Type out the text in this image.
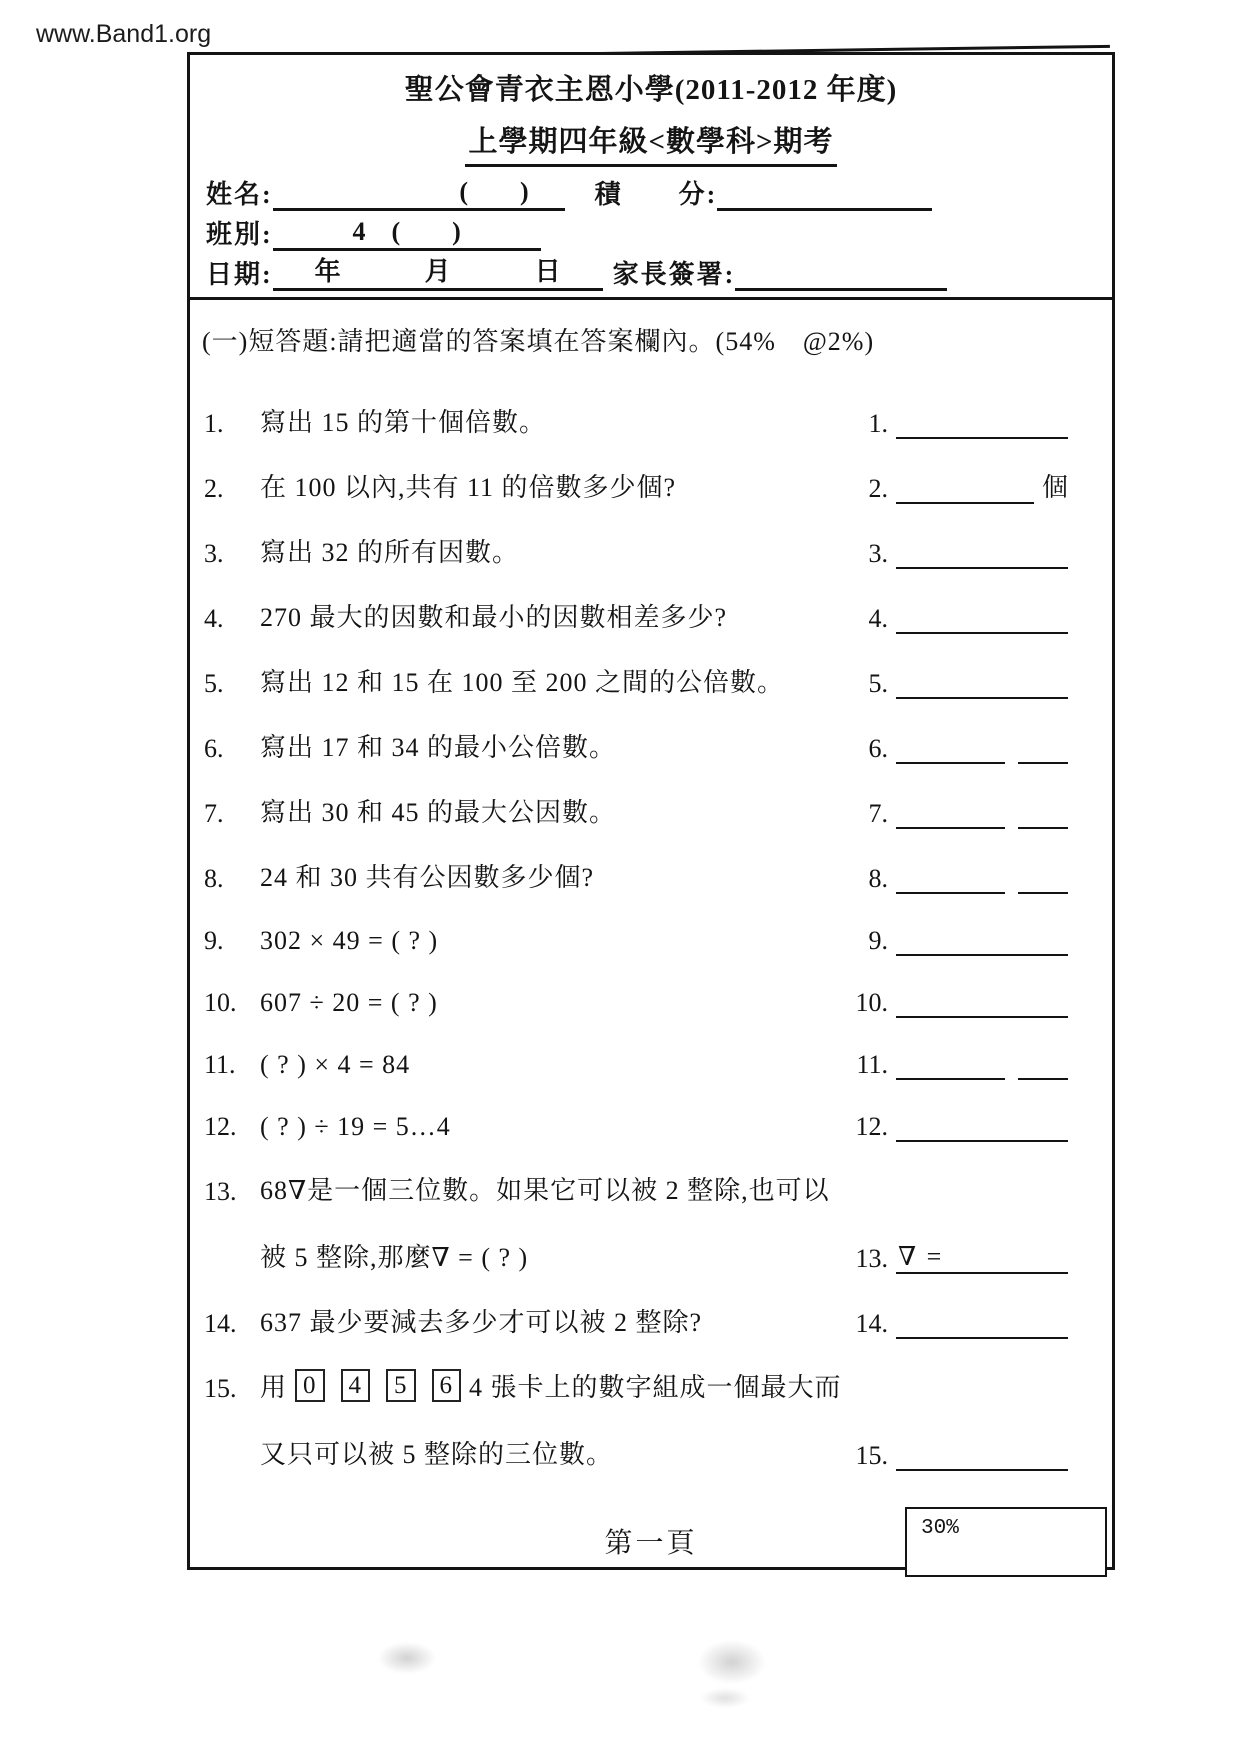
www.Band1.org
聖公會青衣主恩小學(2011-2012 年度)
上學期四年級<數學科>期考
姓名:	(　　)	積　　分:
班別:	4　(　　)
日期: 年	月	日 家長簽署:
(一)短答題:請把適當的答案填在答案欄內。(54%　@2%)
1.	寫出 15 的第十個倍數。	1.
2.	在 100 以內,共有 11 的倍數多少個?	2.	個
3.	寫出 32 的所有因數。	3.
4.	270 最大的因數和最小的因數相差多少?	4.
5.	寫出 12 和 15 在 100 至 200 之間的公倍數。	5.
6.	寫出 17 和 34 的最小公倍數。	6.
7.	寫出 30 和 45 的最大公因數。	7.
8.	24 和 30 共有公因數多少個?	8.
9.	302 × 49 = ( ? )	9.
10. 607 ÷ 20 = ( ? )	10.
11. ( ? ) × 4 = 84	11.
12. ( ? ) ÷ 19 = 5…4	12.
13. 68∇是一個三位數。如果它可以被 2 整除,也可以
被 5 整除,那麼∇ = ( ? )	13. ∇ =
14. 637 最少要減去多少才可以被 2 整除?	14.
15. 用 0 4 5 6 4 張卡上的數字組成一個最大而
又只可以被 5 整除的三位數。	15.
第一頁	30%
